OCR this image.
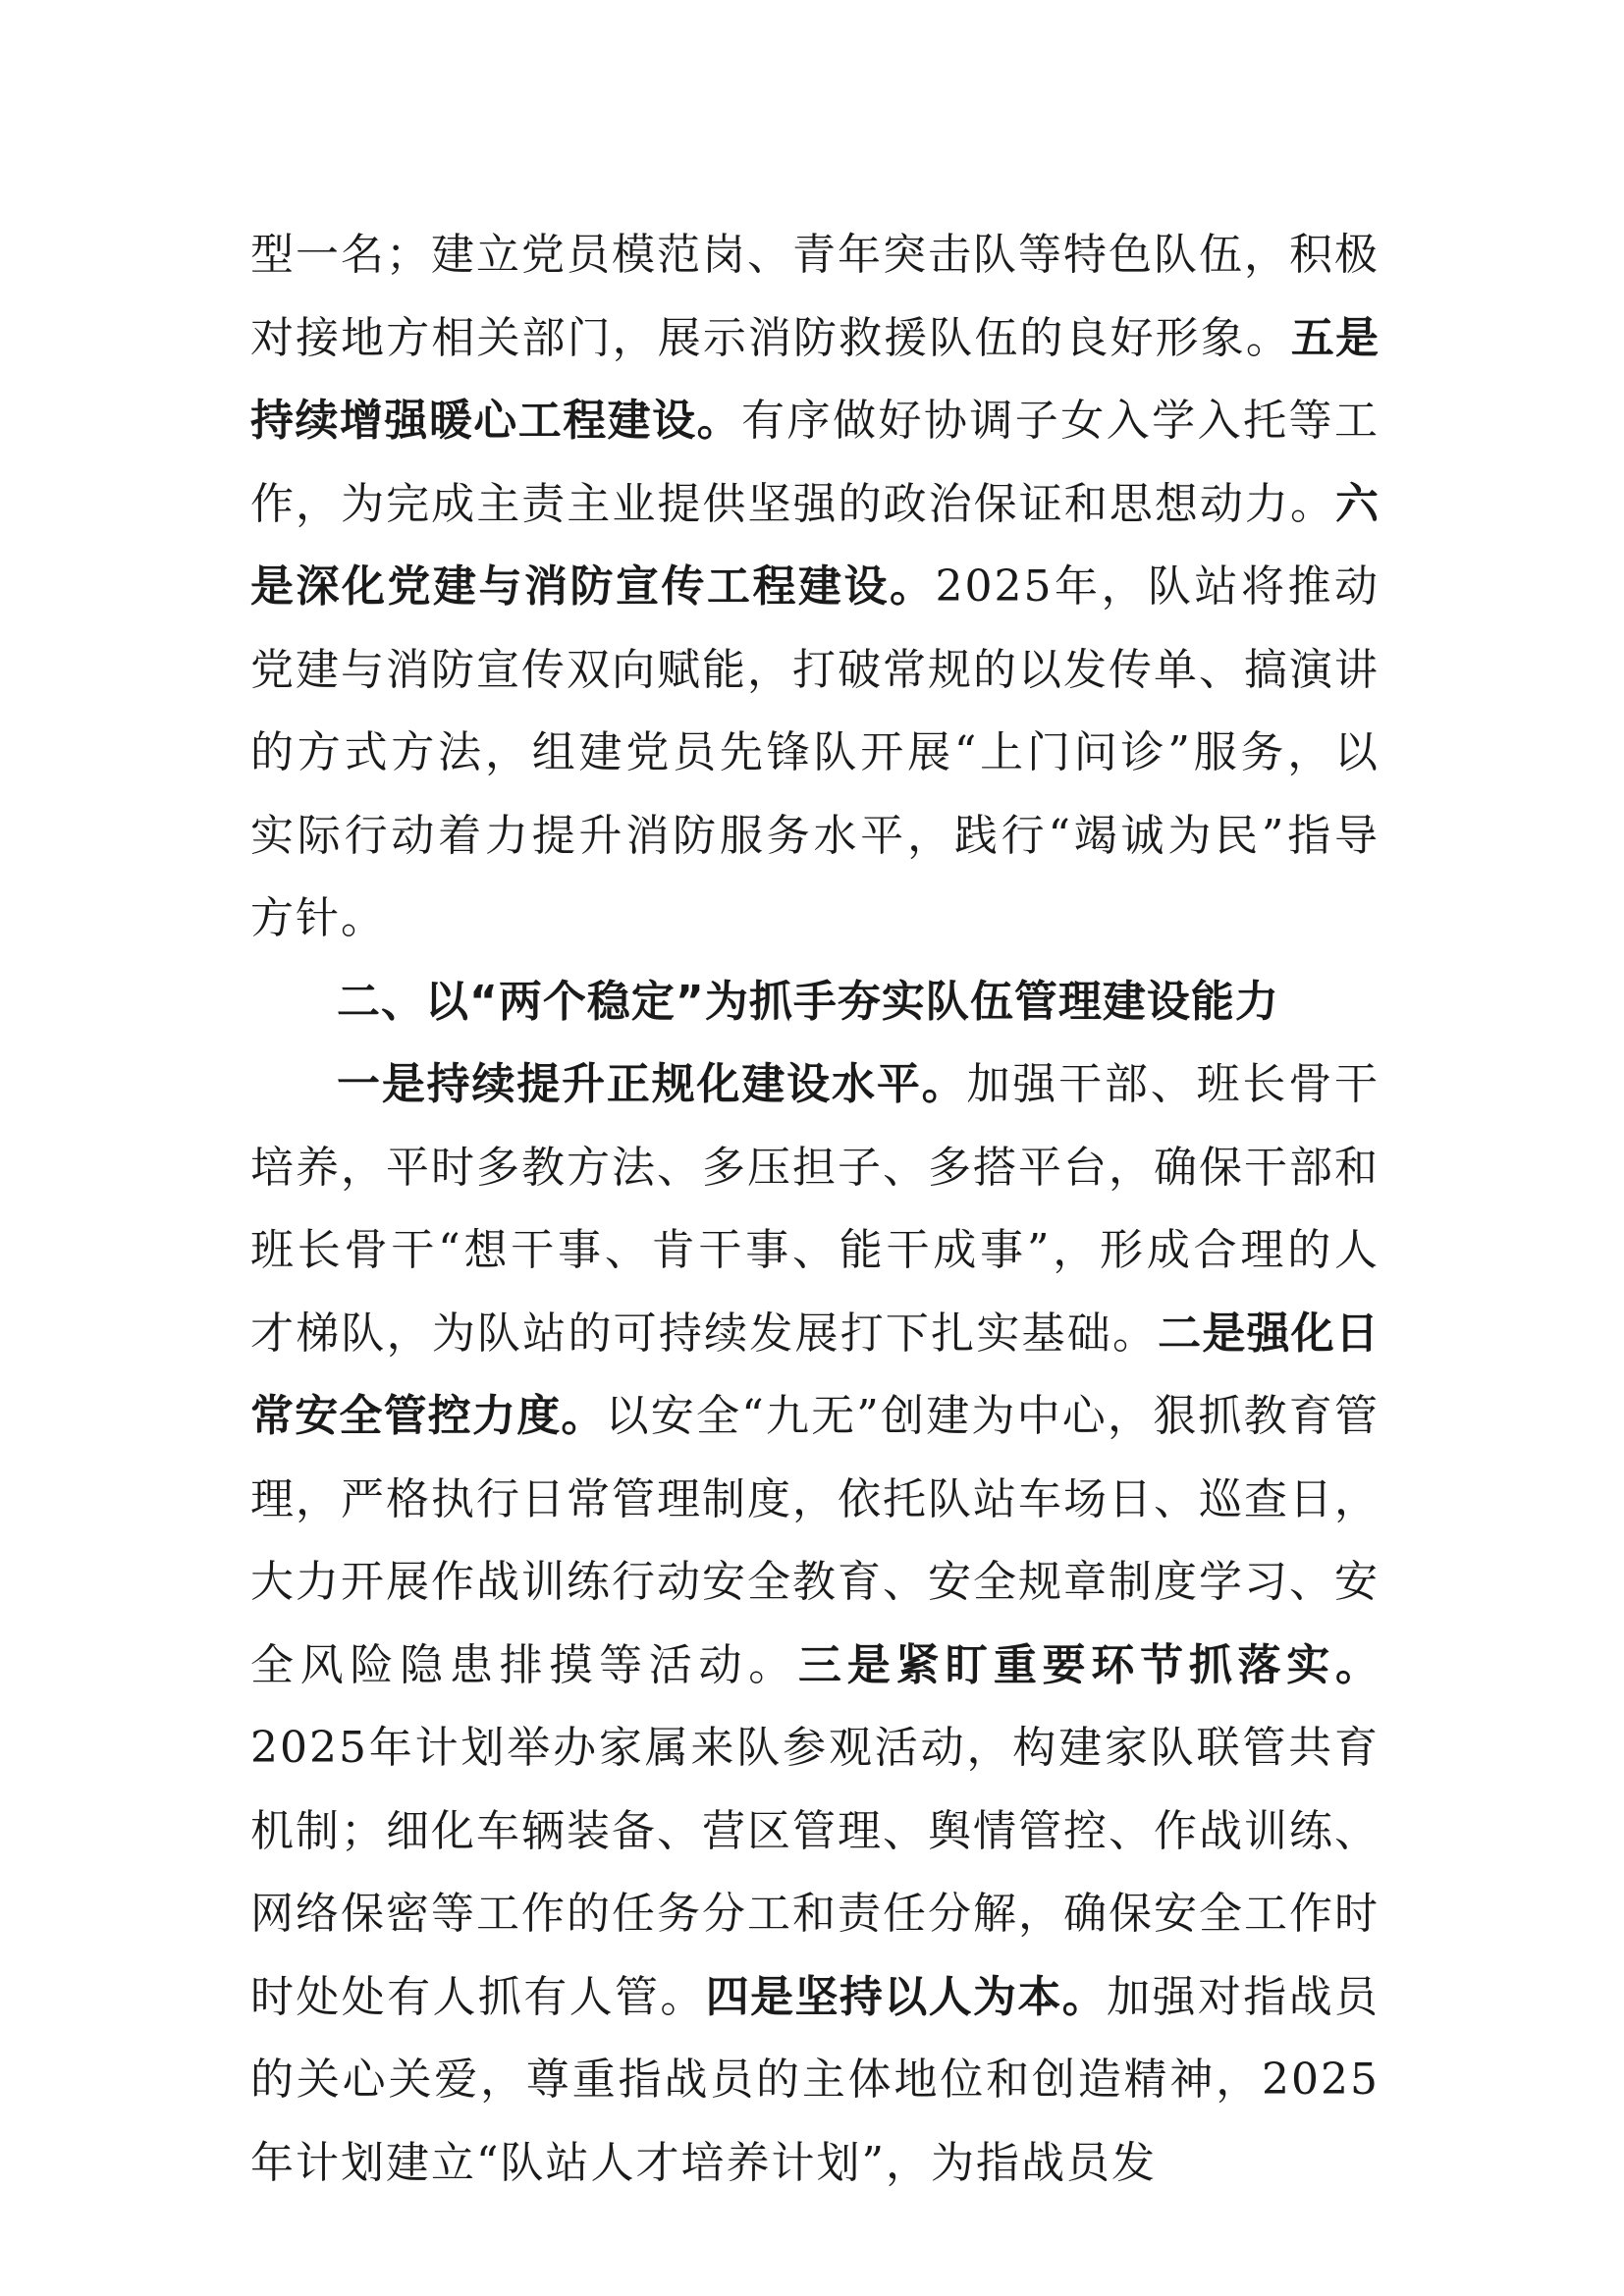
型一名；建立党员模范岗、青年突击队等特色队伍，积极对接地方相关部门，展示消防救援队伍的良好形象。五是持续增强暖心工程建设。有序做好协调子女入学入托等工作，为完成主责主业提供坚强的政治保证和思想动力。六是深化党建与消防宣传工程建设。2025年，队站将推动党建与消防宣传双向赋能，打破常规的以发传单、搞演讲的方式方法，组建党员先锋队开展“上门问诊”服务，以实际行动着力提升消防服务水平，践行“竭诚为民”指导方针。

二、以“两个稳定”为抓手夯实队伍管理建设能力

一是持续提升正规化建设水平。加强干部、班长骨干培养，平时多教方法、多压担子、多搭平台，确保干部和班长骨干“想干事、肯干事、能干成事”，形成合理的人才梯队，为队站的可持续发展打下扎实基础。二是强化日常安全管控力度。以安全“九无”创建为中心，狠抓教育管理，严格执行日常管理制度，依托队站车场日、巡查日，大力开展作战训练行动安全教育、安全规章制度学习、安全风险隐患排摸等活动。三是紧盯重要环节抓落实。2025年计划举办家属来队参观活动，构建家队联管共育机制；细化车辆装备、营区管理、舆情管控、作战训练、网络保密等工作的任务分工和责任分解，确保安全工作时时处处有人抓有人管。四是坚持以人为本。加强对指战员的关心关爱，尊重指战员的主体地位和创造精神，2025年计划建立“队站人才培养计划”，为指战员发
